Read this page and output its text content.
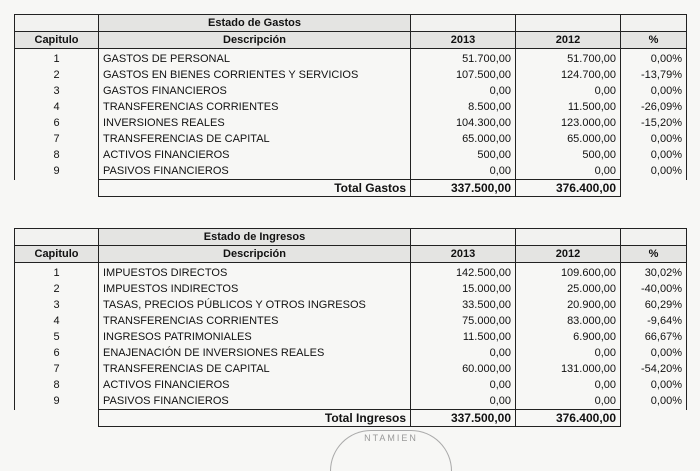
	Estado de Gastos			
Capitulo	Descripción	2013	2012	%
1	GASTOS DE PERSONAL	51.700,00	51.700,00	0,00%
2	GASTOS EN BIENES CORRIENTES Y SERVICIOS	107.500,00	124.700,00	-13,79%
3	GASTOS FINANCIEROS	0,00	0,00	0,00%
4	TRANSFERENCIAS CORRIENTES	8.500,00	11.500,00	-26,09%
6	INVERSIONES REALES	104.300,00	123.000,00	-15,20%
7	TRANSFERENCIAS DE CAPITAL	65.000,00	65.000,00	0,00%
8	ACTIVOS FINANCIEROS	500,00	500,00	0,00%
9	PASIVOS FINANCIEROS	0,00	0,00	0,00%
	Total Gastos	337.500,00	376.400,00	
	Estado de Ingresos			
Capitulo	Descripción	2013	2012	%
1	IMPUESTOS DIRECTOS	142.500,00	109.600,00	30,02%
2	IMPUESTOS INDIRECTOS	15.000,00	25.000,00	-40,00%
3	TASAS, PRECIOS PÚBLICOS Y OTROS INGRESOS	33.500,00	20.900,00	60,29%
4	TRANSFERENCIAS CORRIENTES	75.000,00	83.000,00	-9,64%
5	INGRESOS PATRIMONIALES	11.500,00	6.900,00	66,67%
6	ENAJENACIÓN DE INVERSIONES REALES	0,00	0,00	0,00%
7	TRANSFERENCIAS DE CAPITAL	60.000,00	131.000,00	-54,20%
8	ACTIVOS FINANCIEROS	0,00	0,00	0,00%
9	PASIVOS FINANCIEROS	0,00	0,00	0,00%
	Total Ingresos	337.500,00	376.400,00	
NTAMIEN
